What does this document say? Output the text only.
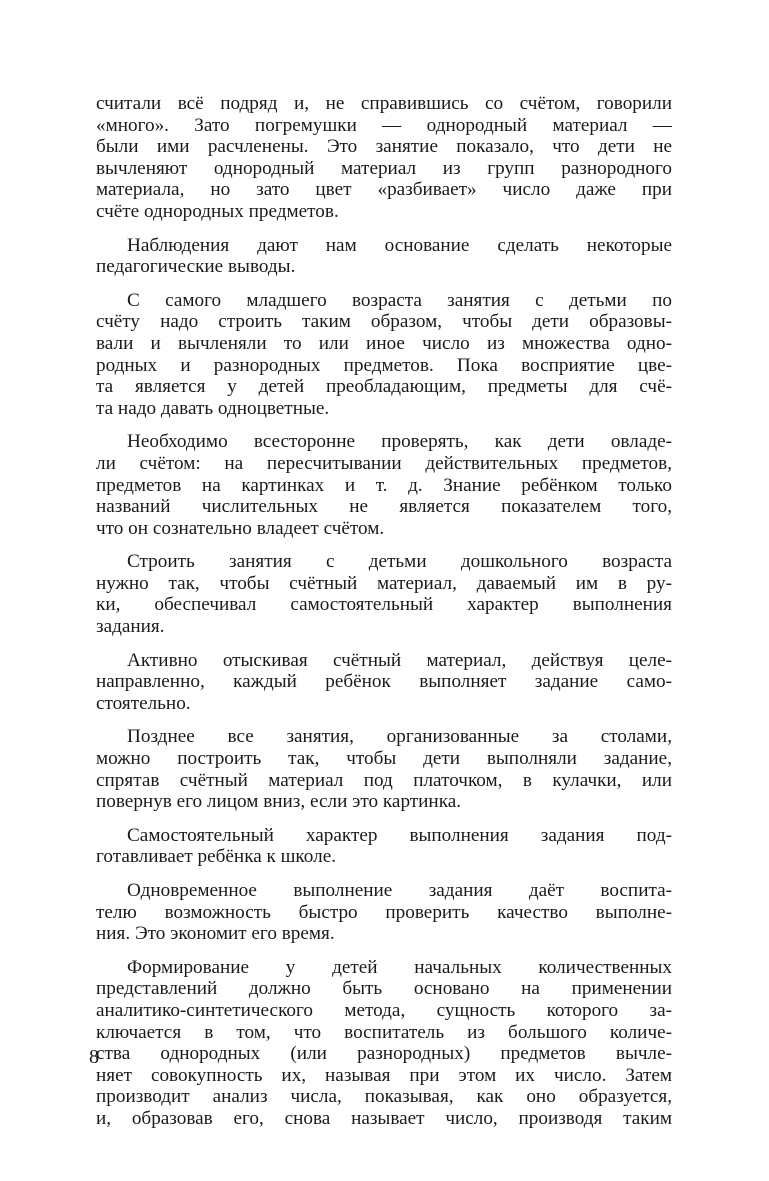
считали всё подряд и, не справившись со счётом, говорили
«много». Зато погремушки — однородный материал —
были ими расчленены. Это занятие показало, что дети не
вычленяют однородный материал из групп разнородного
материала, но зато цвет «разбивает» число даже при
счёте однородных предметов.
Наблюдения дают нам основание сделать некоторые
педагогические выводы.
С самого младшего возраста занятия с детьми по
счёту надо строить таким образом, чтобы дети образовы-
вали и вычленяли то или иное число из множества одно-
родных и разнородных предметов. Пока восприятие цве-
та является у детей преобладающим, предметы для счё-
та надо давать одноцветные.
Необходимо всесторонне проверять, как дети овладе-
ли счётом: на пересчитывании действительных предметов,
предметов на картинках и т. д. Знание ребёнком только
названий числительных не является показателем того,
что он сознательно владеет счётом.
Строить занятия с детьми дошкольного возраста
нужно так, чтобы счётный материал, даваемый им в ру-
ки, обеспечивал самостоятельный характер выполнения
задания.
Активно отыскивая счётный материал, действуя целе-
направленно, каждый ребёнок выполняет задание само-
стоятельно.
Позднее все занятия, организованные за столами,
можно построить так, чтобы дети выполняли задание,
спрятав счётный материал под платочком, в кулачки, или
повернув его лицом вниз, если это картинка.
Самостоятельный характер выполнения задания под-
готавливает ребёнка к школе.
Одновременное выполнение задания даёт воспита-
телю возможность быстро проверить качество выполне-
ния. Это экономит его время.
Формирование у детей начальных количественных
представлений должно быть основано на применении
аналитико-синтетического метода, сущность которого за-
ключается в том, что воспитатель из большого количе-
ства однородных (или разнородных) предметов вычле-
няет совокупность их, называя при этом их число. Затем
производит анализ числа, показывая, как оно образуется,
и, образовав его, снова называет число, производя таким
8
